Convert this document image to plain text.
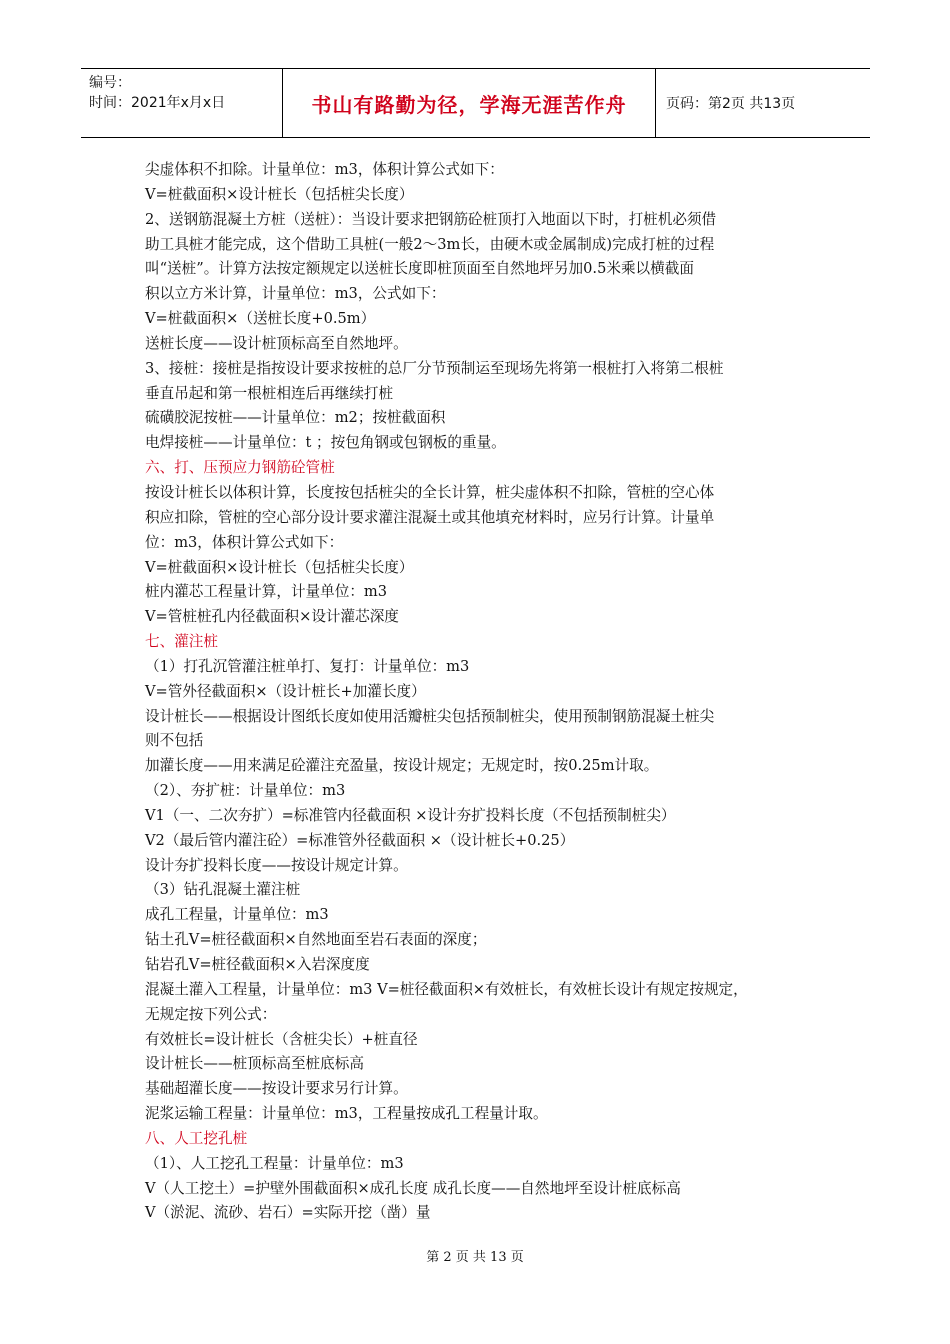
编号：
时间：2021年x月x日	书山有路勤为径，学海无涯苦作舟	页码：第2页 共13页
尖虚体积不扣除。计量单位：m3，体积计算公式如下：
V=桩截面积×设计桩长（包括桩尖长度）
2、送钢筋混凝土方桩（送桩）：当设计要求把钢筋砼桩顶打入地面以下时，打桩机必须借
助工具桩才能完成，这个借助工具桩(一般2～3m长，由硬木或金属制成)完成打桩的过程
叫“送桩”。计算方法按定额规定以送桩长度即桩顶面至自然地坪另加0.5米乘以横截面
积以立方米计算，计量单位：m3，公式如下：
V=桩截面积×（送桩长度+0.5m）
送桩长度——设计桩顶标高至自然地坪。
3、接桩：接桩是指按设计要求按桩的总厂分节预制运至现场先将第一根桩打入将第二根桩
垂直吊起和第一根桩相连后再继续打桩
硫磺胶泥按桩——计量单位：m2；按桩截面积
电焊接桩——计量单位：t ；按包角钢或包钢板的重量。
六、打、压预应力钢筋砼管桩
按设计桩长以体积计算，长度按包括桩尖的全长计算，桩尖虚体积不扣除，管桩的空心体
积应扣除，管桩的空心部分设计要求灌注混凝土或其他填充材料时，应另行计算。计量单
位：m3，体积计算公式如下：
V=桩截面积×设计桩长（包括桩尖长度）
桩内灌芯工程量计算，计量单位：m3
V=管桩桩孔内径截面积×设计灌芯深度
七、灌注桩
（1）打孔沉管灌注桩单打、复打：计量单位：m3
V=管外径截面积×（设计桩长+加灌长度）
设计桩长——根据设计图纸长度如使用活瓣桩尖包括预制桩尖，使用预制钢筋混凝土桩尖
则不包括
加灌长度——用来满足砼灌注充盈量，按设计规定；无规定时，按0.25m计取。
（2）、夯扩桩：计量单位：m3
V1（一、二次夯扩）=标准管内径截面积 ×设计夯扩投料长度（不包括预制桩尖）
V2（最后管内灌注砼）=标准管外径截面积 ×（设计桩长+0.25）
设计夯扩投料长度——按设计规定计算。
（3）钻孔混凝土灌注桩
成孔工程量，计量单位：m3
钻土孔V=桩径截面积×自然地面至岩石表面的深度；
钻岩孔V=桩径截面积×入岩深度度
混凝土灌入工程量，计量单位：m3 V=桩径截面积×有效桩长，有效桩长设计有规定按规定，
无规定按下列公式：
有效桩长=设计桩长（含桩尖长）+桩直径
设计桩长——桩顶标高至桩底标高
基础超灌长度——按设计要求另行计算。
泥浆运输工程量：计量单位：m3，工程量按成孔工程量计取。
八、人工挖孔桩
（1）、人工挖孔工程量：计量单位：m3
V（人工挖土）=护壁外围截面积×成孔长度 成孔长度——自然地坪至设计桩底标高
V（淤泥、流砂、岩石）=实际开挖（凿）量
第 2 页 共 13 页
